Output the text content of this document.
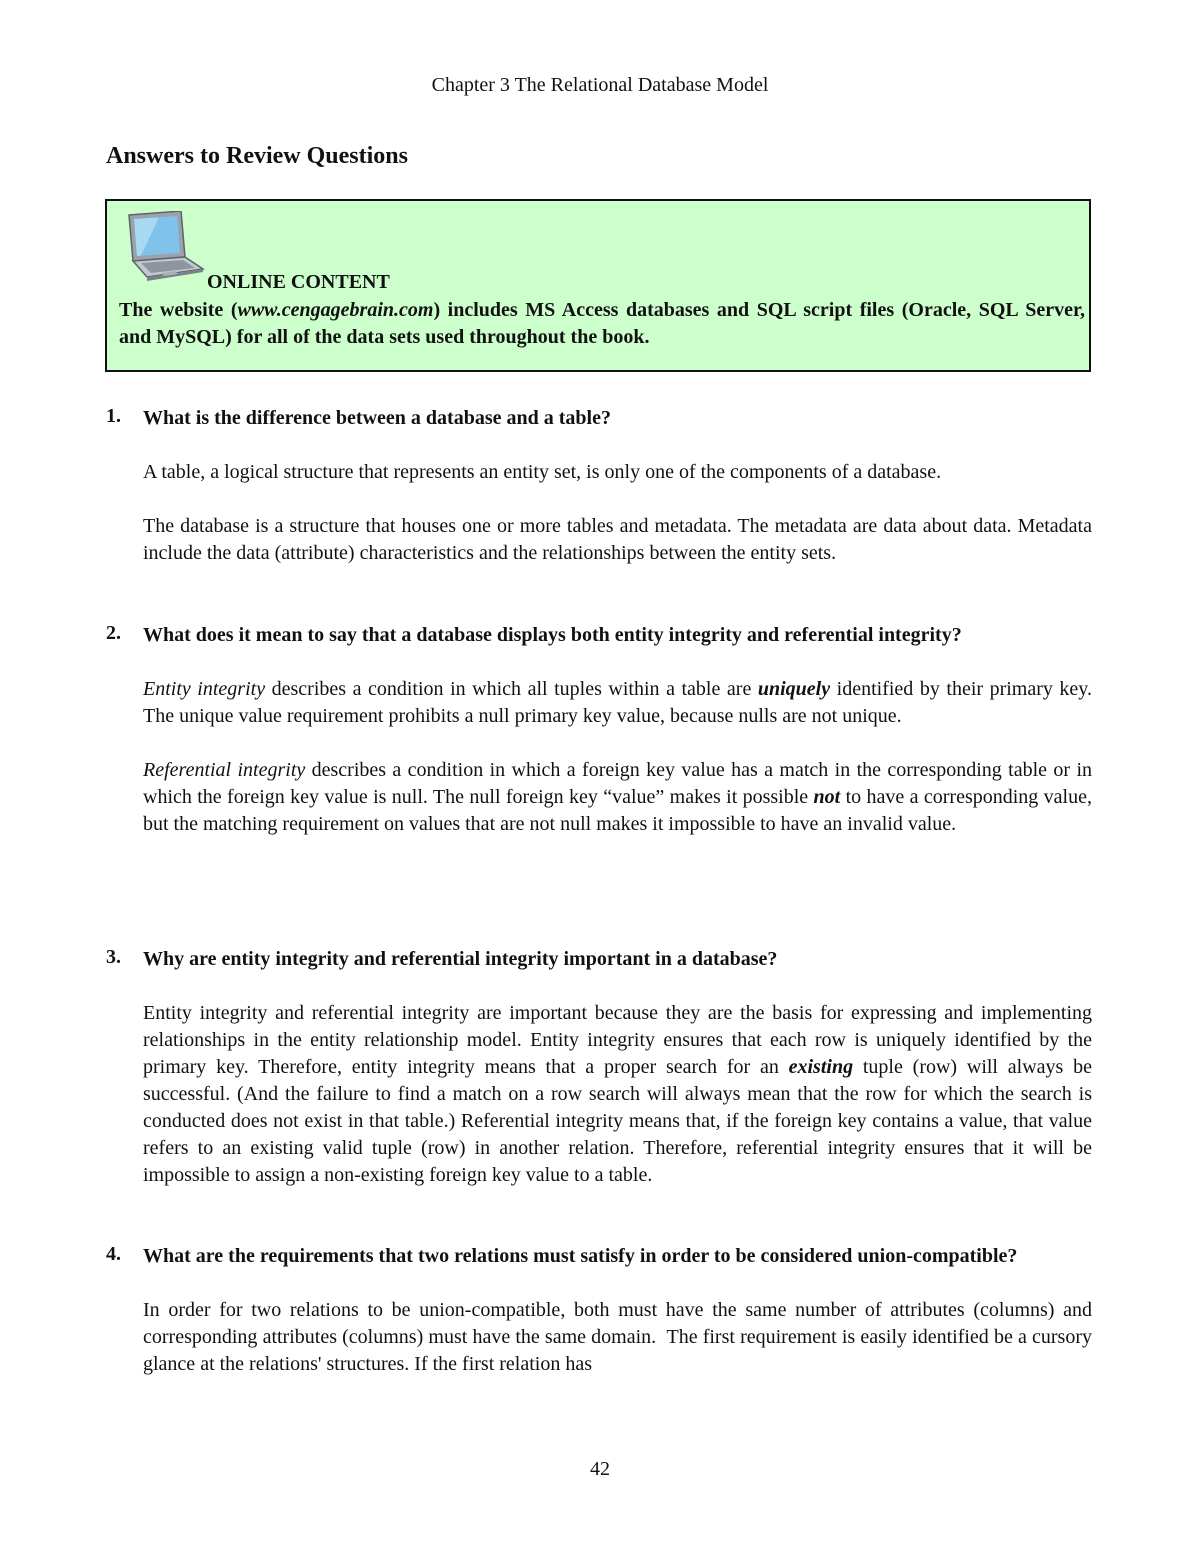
Chapter 3 The Relational Database Model
Answers to Review Questions
ONLINE CONTENT
The website (www.cengagebrain.com) includes MS Access databases and SQL script files (Oracle, SQL Server, and MySQL) for all of the data sets used throughout the book.
1. What is the difference between a database and a table?
A table, a logical structure that represents an entity set, is only one of the components of a database.
The database is a structure that houses one or more tables and metadata. The metadata are data about data. Metadata include the data (attribute) characteristics and the relationships between the entity sets.
2. What does it mean to say that a database displays both entity integrity and referential integrity?
Entity integrity describes a condition in which all tuples within a table are uniquely identified by their primary key. The unique value requirement prohibits a null primary key value, because nulls are not unique.
Referential integrity describes a condition in which a foreign key value has a match in the corresponding table or in which the foreign key value is null. The null foreign key “value” makes it possible not to have a corresponding value, but the matching requirement on values that are not null makes it impossible to have an invalid value.
3. Why are entity integrity and referential integrity important in a database?
Entity integrity and referential integrity are important because they are the basis for expressing and implementing relationships in the entity relationship model. Entity integrity ensures that each row is uniquely identified by the primary key. Therefore, entity integrity means that a proper search for an existing tuple (row) will always be successful. (And the failure to find a match on a row search will always mean that the row for which the search is conducted does not exist in that table.) Referential integrity means that, if the foreign key contains a value, that value refers to an existing valid tuple (row) in another relation. Therefore, referential integrity ensures that it will be impossible to assign a non-existing foreign key value to a table.
4. What are the requirements that two relations must satisfy in order to be considered union-compatible?
In order for two relations to be union-compatible, both must have the same number of attributes (columns) and corresponding attributes (columns) must have the same domain.  The first requirement is easily identified be a cursory glance at the relations' structures. If the first relation has
42
